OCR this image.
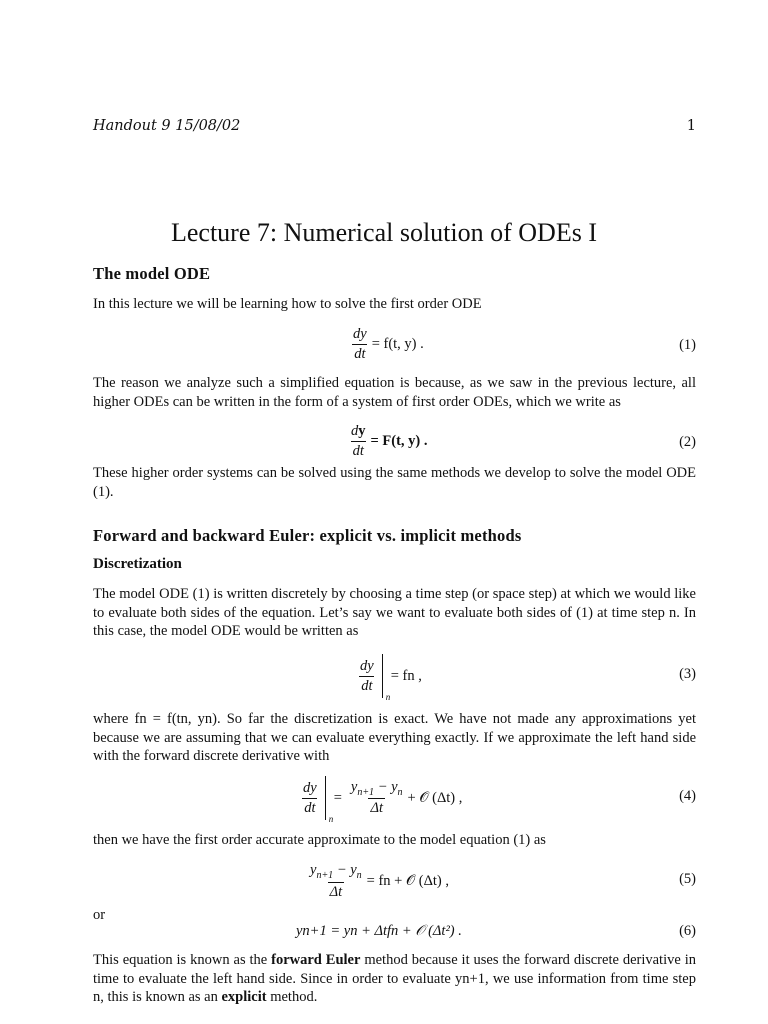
Handout 9 15/08/02	1
Lecture 7: Numerical solution of ODEs I
The model ODE
In this lecture we will be learning how to solve the first order ODE
$\frac{dy}{dt} = f(t$, y) .	(1)
The reason we analyze such a simplified equation is because, as we saw in the previous lecture, all higher ODEs can be written in the form of a system of first order ODEs, which we write as
$\frac{dy}{dt} = F(t$, y) .	(2)
These higher order systems can be solved using the same methods we develop to solve the model ODE (1).
Forward and backward Euler: explicit vs. implicit methods
Discretization
The model ODE (1) is written discretely by choosing a time step (or space step) at which we would like to evaluate both sides of the equation. Let’s say we want to evaluate both sides of (1) at time step n. In this case, the model ODE would be written as
$\frac{dy}{dt}$
n
= fn ,	(3)
where fn = f(tn, yn). So far the discretization is exact. We have not made any approximations yet because we are assuming that we can evaluate everything exactly. If we approximate the left hand side with the forward discrete derivative with
$\frac{dy}{dt}$
n
= $\frac{y_{n+1} - y_n}{\Delta t}$ + 𝒪 (Δt) ,	(4)
then we have the first order accurate approximate to the model equation (1) as
$\frac{y_{n+1} - y_n}{\Delta t}$ = fn + 𝒪 (Δt) ,	(5)
or
yn+1 = yn + Δtfn + 𝒪 (Δt²) .	(6)
This equation is known as the forward Euler method because it uses the forward discrete derivative in time to evaluate the left hand side. Since in order to evaluate yn+1, we use information from time step n, this is known as an explicit method.
